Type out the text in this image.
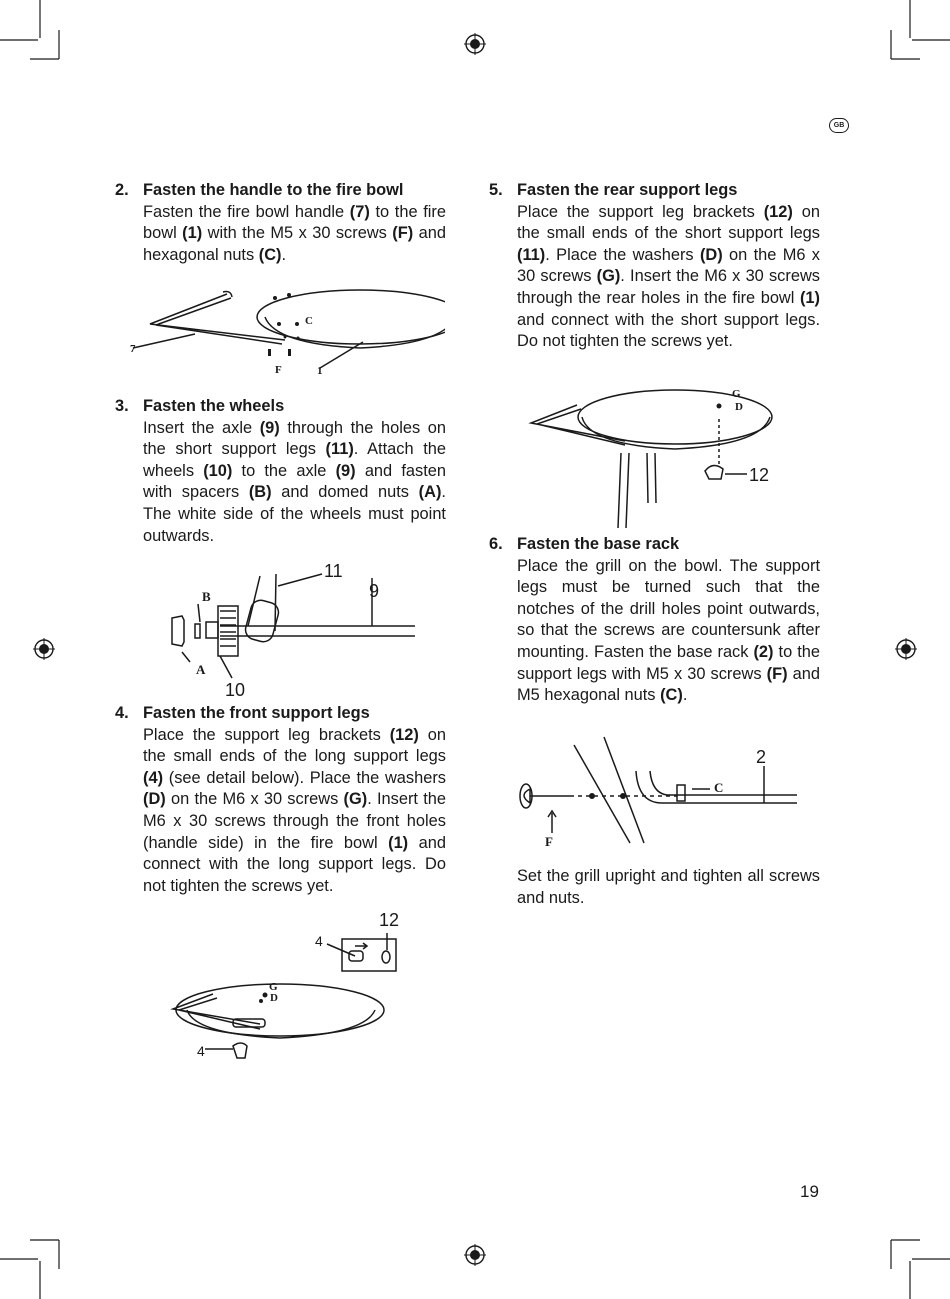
GB
2. Fasten the handle to the fire bowl
Fasten the fire bowl handle (7) to the fire bowl (1) with the M5 x 30 screws (F) and hexagonal nuts (C).
C
7
F	1
3. Fasten the wheels
Insert the axle (9) through the holes on the short support legs (11). Attach the wheels (10) to the axle (9) and fasten with spacers (B) and domed nuts (A). The white side of the wheels must point outwards.
11
9
B
A
10
4. Fasten the front support legs
Place the support leg brackets (12) on the small ends of the long support legs (4) (see detail below). Place the washers (D) on the M6 x 30 screws (G). Insert the M6 x 30 screws through the front holes (handle side) in the fire bowl (1) and connect with the long support legs. Do not tighten the screws yet.
12
4
G
D
4
5. Fasten the rear support legs
Place the support leg brackets (12) on the small ends of the short support legs (11). Place the washers (D) on the M6 x 30 screws (G). Insert the M6 x 30 screws through the rear holes in the fire bowl (1) and connect with the short support legs. Do not tighten the screws yet.
G
D
12
6. Fasten the base rack
Place the grill on the bowl. The support legs must be turned such that the notches of the drill holes point outwards, so that the screws are countersunk after mounting. Fasten the base rack (2) to the support legs with M5 x 30 screws (F) and M5 hexagonal nuts (C).
2
C
F
Set the grill upright and tighten all screws and nuts.
19
